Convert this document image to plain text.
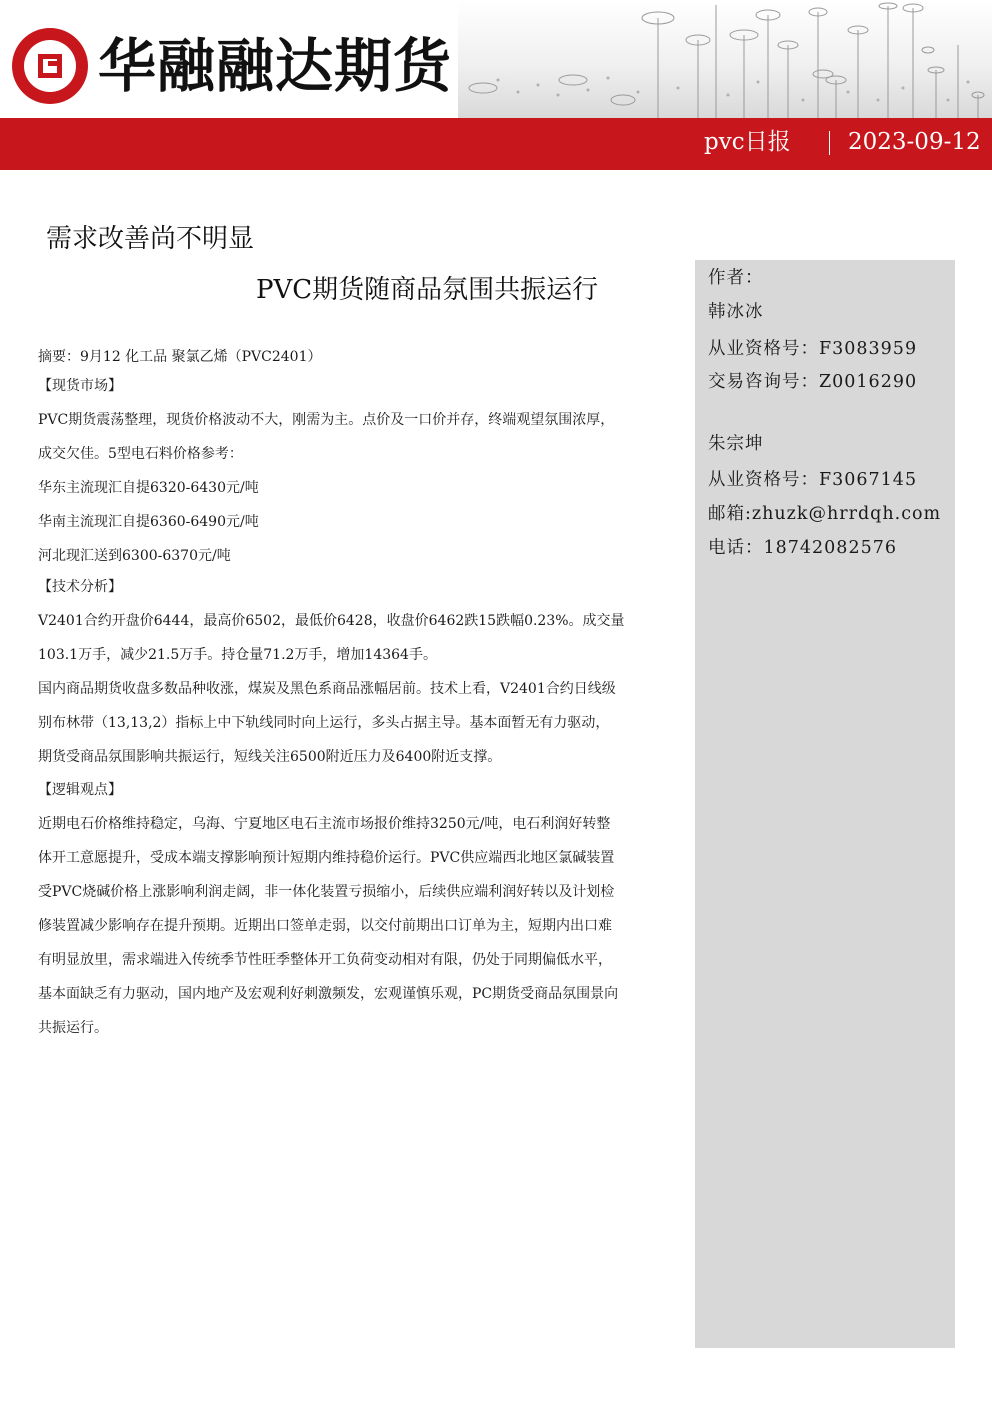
华融融达期货
pvc日报 2023-09-12
需求改善尚不明显
PVC期货随商品氛围共振运行	作者：
韩冰冰
从业资格号：F3083959
交易咨询号：Z0016290
朱宗坤
从业资格号：F3067145
邮箱:zhuzk@hrrdqh.com
电话：18742082576
摘要：9月12 化工品 聚氯乙烯（PVC2401）
【现货市场】
PVC期货震荡整理，现货价格波动不大，刚需为主。点价及一口价并存，终端观望氛围浓厚，
成交欠佳。5型电石料价格参考：
华东主流现汇自提6320-6430元/吨
华南主流现汇自提6360-6490元/吨
河北现汇送到6300-6370元/吨
【技术分析】
V2401合约开盘价6444，最高价6502，最低价6428，收盘价6462跌15跌幅0.23%。成交量
103.1万手，减少21.5万手。持仓量71.2万手，增加14364手。
国内商品期货收盘多数品种收涨，煤炭及黑色系商品涨幅居前。技术上看，V2401合约日线级
别布林带（13,13,2）指标上中下轨线同时向上运行，多头占据主导。基本面暂无有力驱动，
期货受商品氛围影响共振运行，短线关注6500附近压力及6400附近支撑。
【逻辑观点】
近期电石价格维持稳定，乌海、宁夏地区电石主流市场报价维持3250元/吨，电石利润好转整
体开工意愿提升，受成本端支撑影响预计短期内维持稳价运行。PVC供应端西北地区氯碱装置
受PVC烧碱价格上涨影响利润走阔，非一体化装置亏损缩小，后续供应端利润好转以及计划检
修装置减少影响存在提升预期。近期出口签单走弱，以交付前期出口订单为主，短期内出口难
有明显放里，需求端进入传统季节性旺季整体开工负荷变动相对有限，仍处于同期偏低水平，
基本面缺乏有力驱动，国内地产及宏观利好刺激频发，宏观谨慎乐观，PC期货受商品氛围景向
共振运行。
